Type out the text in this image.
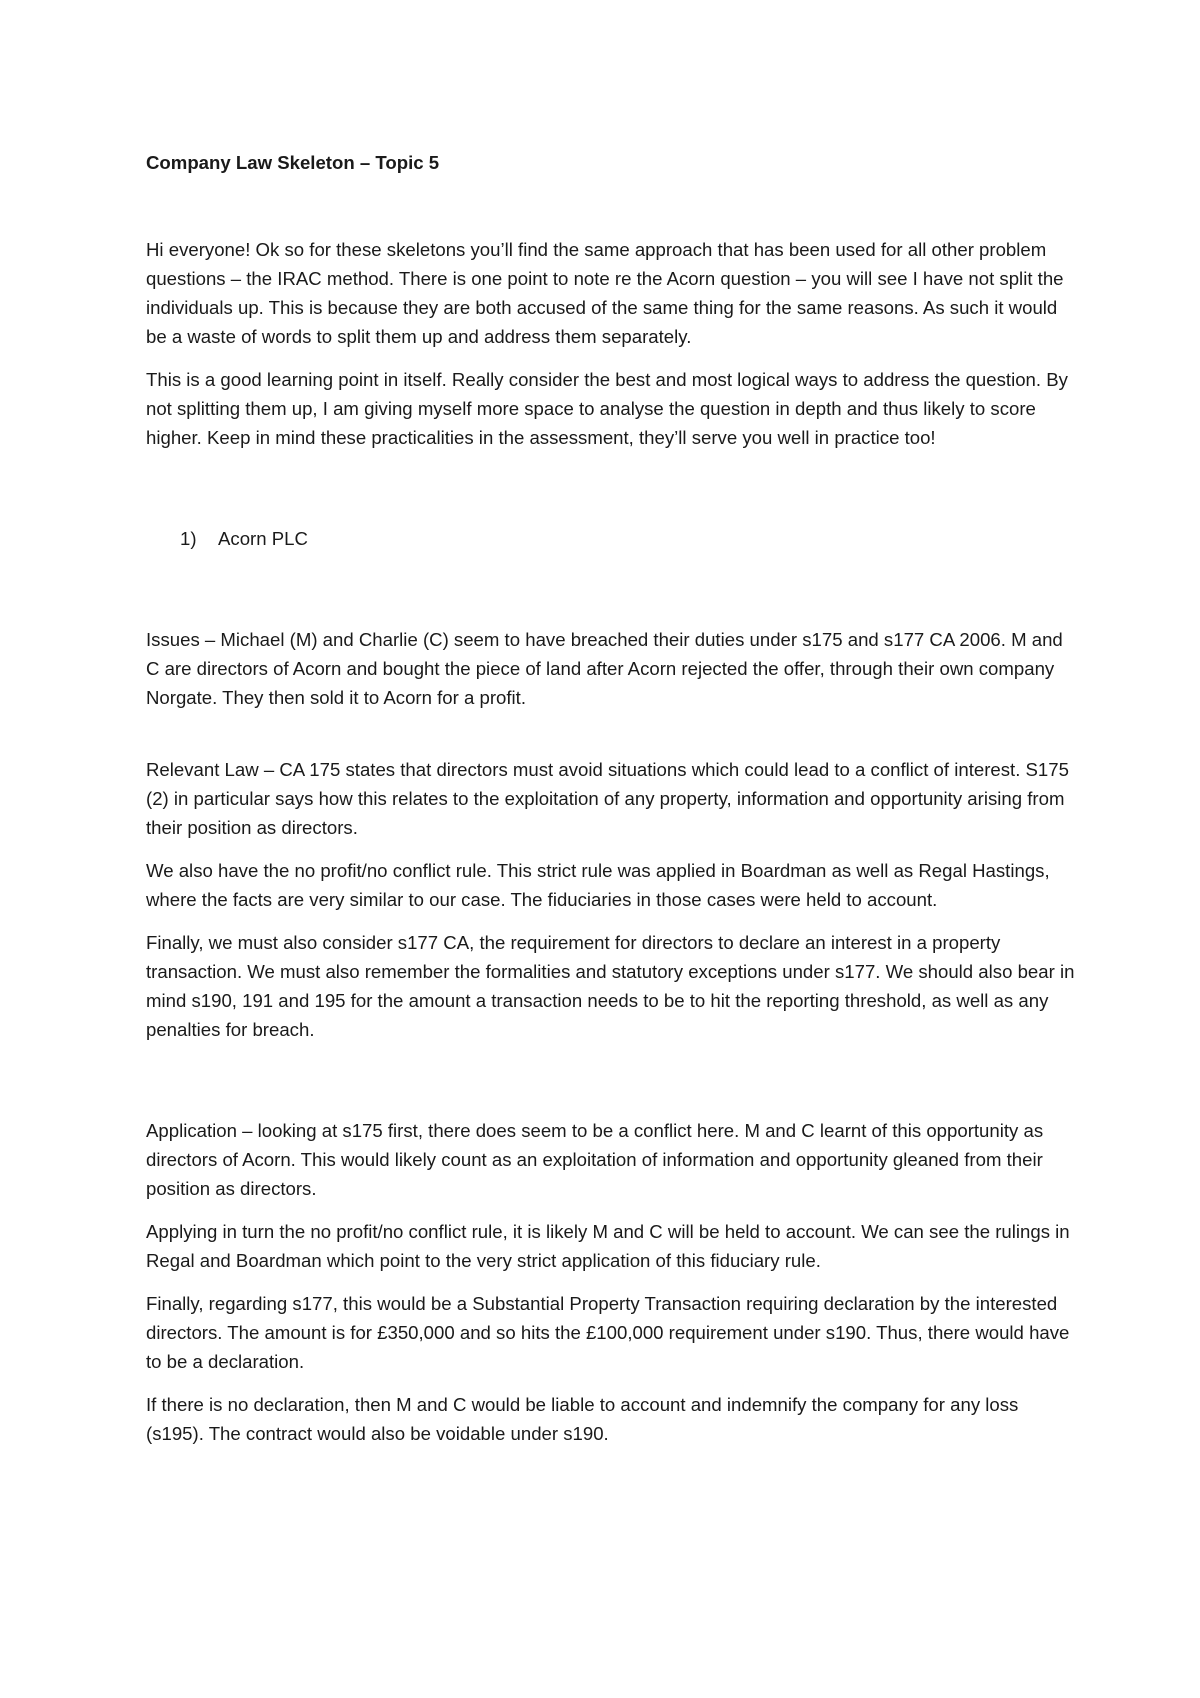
Company Law Skeleton – Topic 5

Hi everyone! Ok so for these skeletons you’ll find the same approach that has been used for all other problem questions – the IRAC method. There is one point to note re the Acorn question – you will see I have not split the individuals up. This is because they are both accused of the same thing for the same reasons. As such it would be a waste of words to split them up and address them separately.

This is a good learning point in itself. Really consider the best and most logical ways to address the question. By not splitting them up, I am giving myself more space to analyse the question in depth and thus likely to score higher. Keep in mind these practicalities in the assessment, they’ll serve you well in practice too!

1)	Acorn PLC

Issues – Michael (M) and Charlie (C) seem to have breached their duties under s175 and s177 CA 2006. M and C are directors of Acorn and bought the piece of land after Acorn rejected the offer, through their own company Norgate. They then sold it to Acorn for a profit.

Relevant Law – CA 175 states that directors must avoid situations which could lead to a conflict of interest. S175 (2) in particular says how this relates to the exploitation of any property, information and opportunity arising from their position as directors.

We also have the no profit/no conflict rule. This strict rule was applied in Boardman as well as Regal Hastings, where the facts are very similar to our case. The fiduciaries in those cases were held to account.

Finally, we must also consider s177 CA, the requirement for directors to declare an interest in a property transaction. We must also remember the formalities and statutory exceptions under s177. We should also bear in mind s190, 191 and 195 for the amount a transaction needs to be to hit the reporting threshold, as well as any penalties for breach.

Application – looking at s175 first, there does seem to be a conflict here. M and C learnt of this opportunity as directors of Acorn. This would likely count as an exploitation of information and opportunity gleaned from their position as directors.

Applying in turn the no profit/no conflict rule, it is likely M and C will be held to account. We can see the rulings in Regal and Boardman which point to the very strict application of this fiduciary rule.

Finally, regarding s177, this would be a Substantial Property Transaction requiring declaration by the interested directors. The amount is for £350,000 and so hits the £100,000 requirement under s190. Thus, there would have to be a declaration.

If there is no declaration, then M and C would be liable to account and indemnify the company for any loss (s195). The contract would also be voidable under s190.
